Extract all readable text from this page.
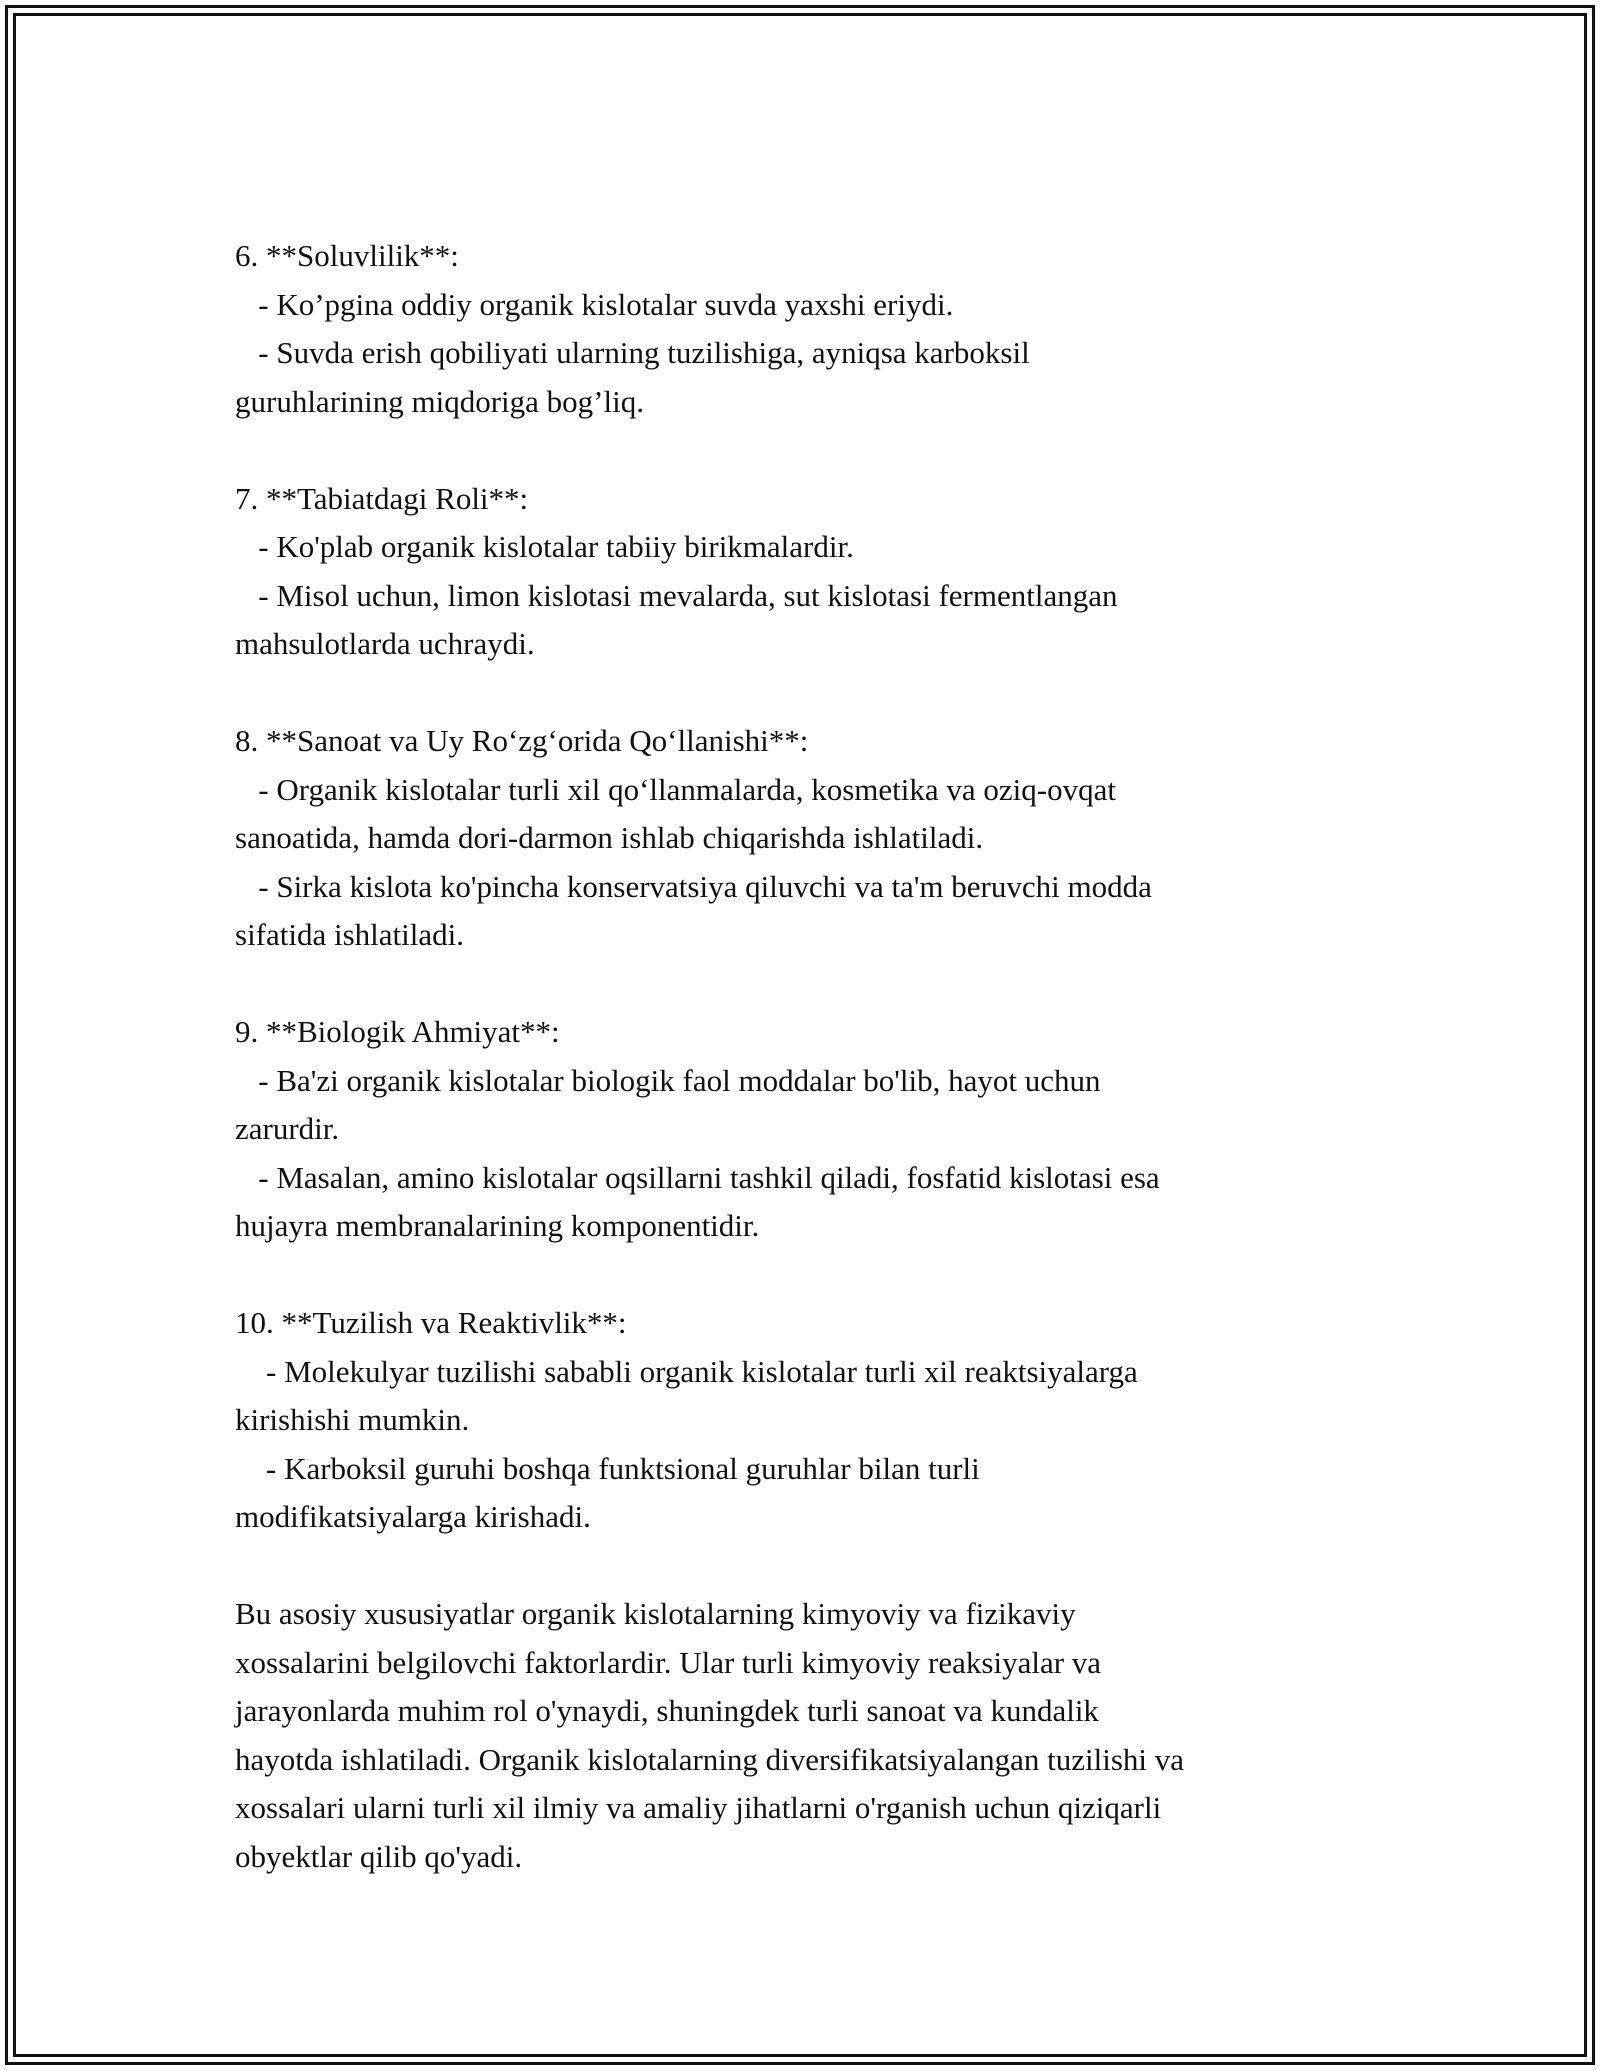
6. **Soluvlilik**:
- Ko’pgina oddiy organik kislotalar suvda yaxshi eriydi.
- Suvda erish qobiliyati ularning tuzilishiga, ayniqsa karboksil
guruhlarining miqdoriga bog’liq.
7. **Tabiatdagi Roli**:
- Ko'plab organik kislotalar tabiiy birikmalardir.
- Misol uchun, limon kislotasi mevalarda, sut kislotasi fermentlangan
mahsulotlarda uchraydi.
8. **Sanoat va Uy Ro‘zg‘orida Qo‘llanishi**:
- Organik kislotalar turli xil qo‘llanmalarda, kosmetika va oziq-ovqat
sanoatida, hamda dori-darmon ishlab chiqarishda ishlatiladi.
- Sirka kislota ko'pincha konservatsiya qiluvchi va ta'm beruvchi modda
sifatida ishlatiladi.
9. **Biologik Ahmiyat**:
- Ba'zi organik kislotalar biologik faol moddalar bo'lib, hayot uchun
zarurdir.
- Masalan, amino kislotalar oqsillarni tashkil qiladi, fosfatid kislotasi esa
hujayra membranalarining komponentidir.
10. **Tuzilish va Reaktivlik**:
- Molekulyar tuzilishi sababli organik kislotalar turli xil reaktsiyalarga
kirishishi mumkin.
- Karboksil guruhi boshqa funktsional guruhlar bilan turli
modifikatsiyalarga kirishadi.
Bu asosiy xususiyatlar organik kislotalarning kimyoviy va fizikaviy
xossalarini belgilovchi faktorlardir. Ular turli kimyoviy reaksiyalar va
jarayonlarda muhim rol o'ynaydi, shuningdek turli sanoat va kundalik
hayotda ishlatiladi. Organik kislotalarning diversifikatsiyalangan tuzilishi va
xossalari ularni turli xil ilmiy va amaliy jihatlarni o'rganish uchun qiziqarli
obyektlar qilib qo'yadi.
